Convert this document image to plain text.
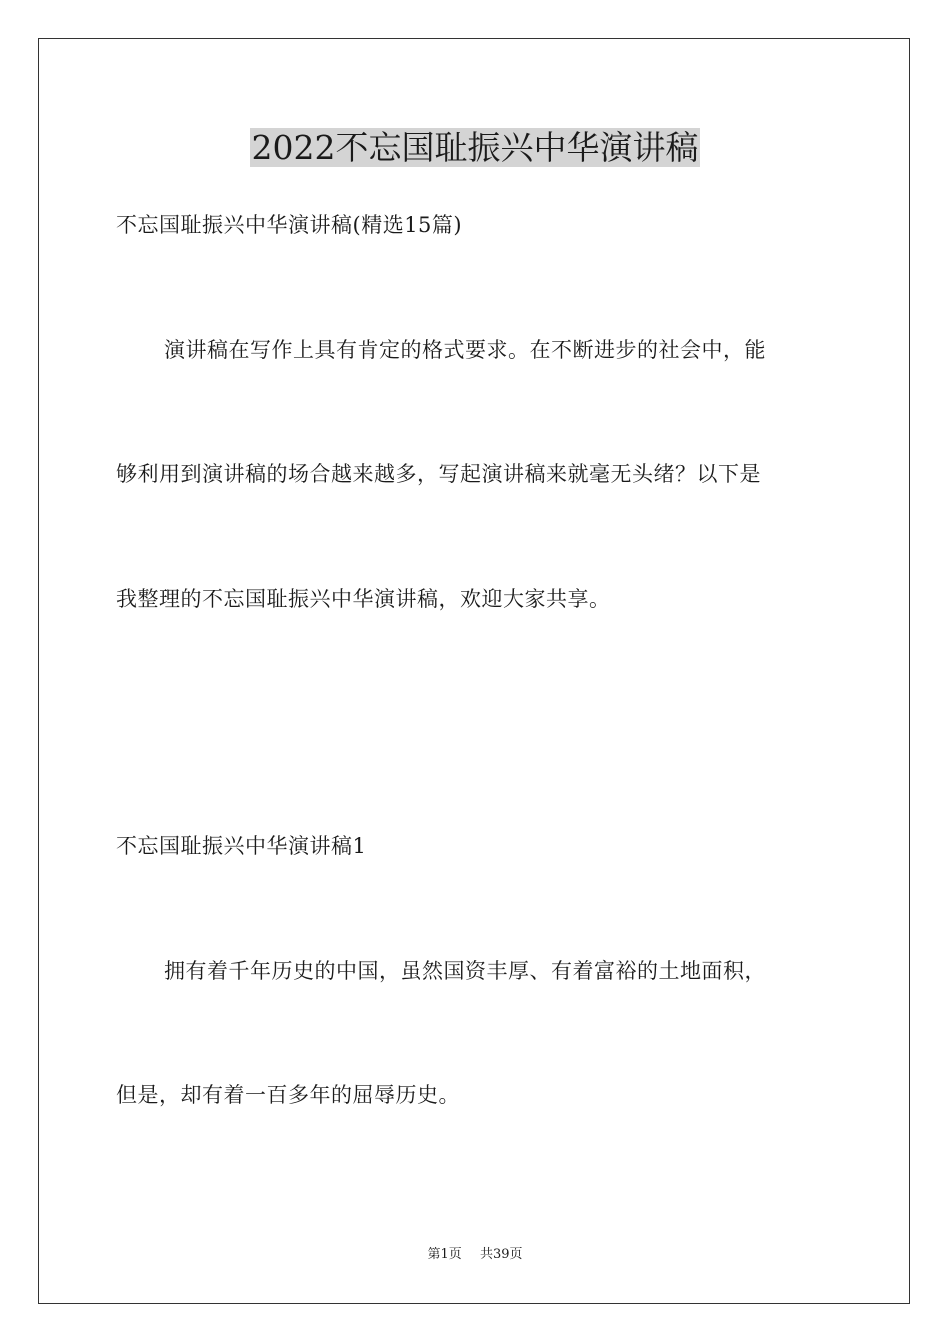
2022不忘国耻振兴中华演讲稿
不忘国耻振兴中华演讲稿(精选15篇)
演讲稿在写作上具有肯定的格式要求。在不断进步的社会中，能
够利用到演讲稿的场合越来越多，写起演讲稿来就毫无头绪？以下是
我整理的不忘国耻振兴中华演讲稿，欢迎大家共享。
不忘国耻振兴中华演讲稿1
拥有着千年历史的中国，虽然国资丰厚、有着富裕的土地面积，
但是，却有着一百多年的屈辱历史。
第1页 共39页
